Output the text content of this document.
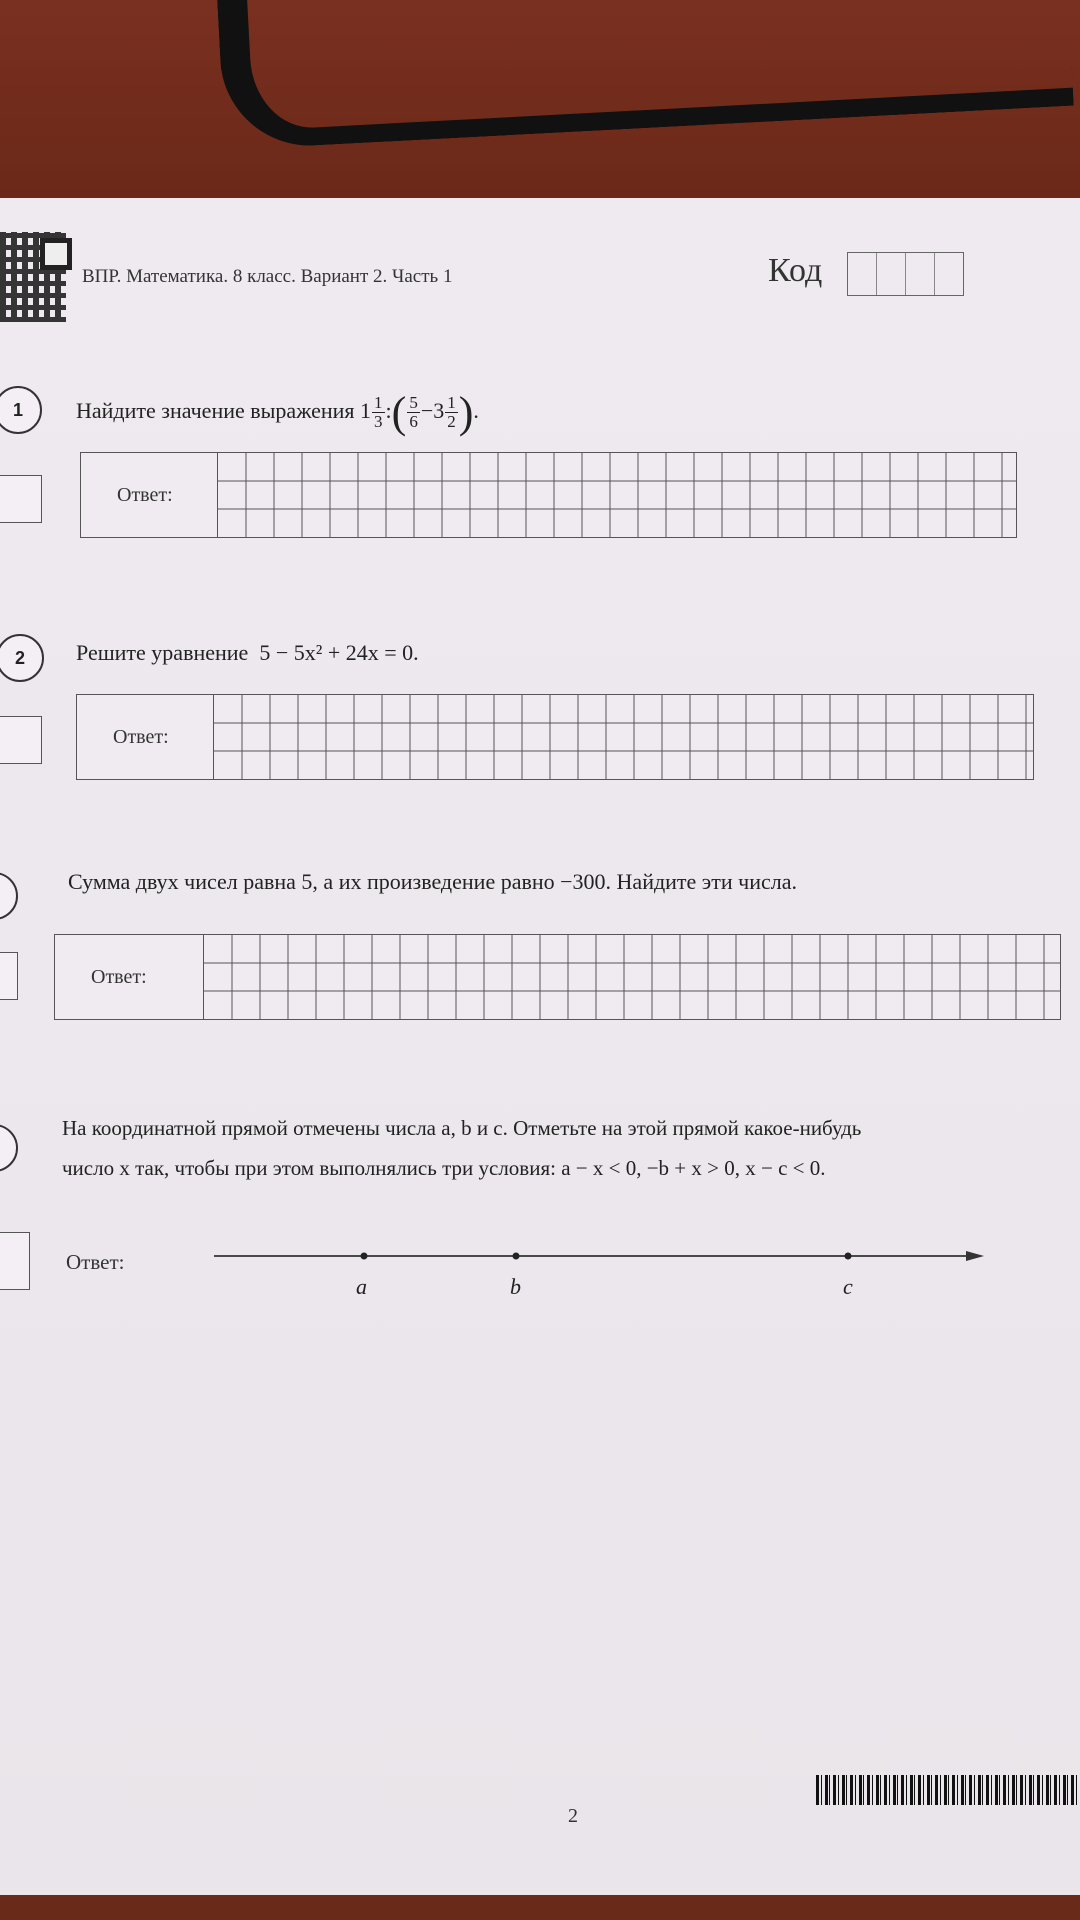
ВПР. Математика. 8 класс. Вариант 2. Часть 1	Код
1	Найдите значение выражения $1 \frac{1}{3}$ :( $\frac{5}{6} -3 \frac{1}{2}$ ).
Ответ:
2	Решите уравнение 5 − 5x² + 24x = 0.
Ответ:
Сумма двух чисел равна 5, а их произведение равно −300. Найдите эти числа.
Ответ:
На координатной прямой отмечены числа a, b и c. Отметьте на этой прямой какое-нибудь
число x так, чтобы при этом выполнялись три условия: a − x < 0, −b + x > 0, x − c < 0.
Ответ:
a	b	c
2
